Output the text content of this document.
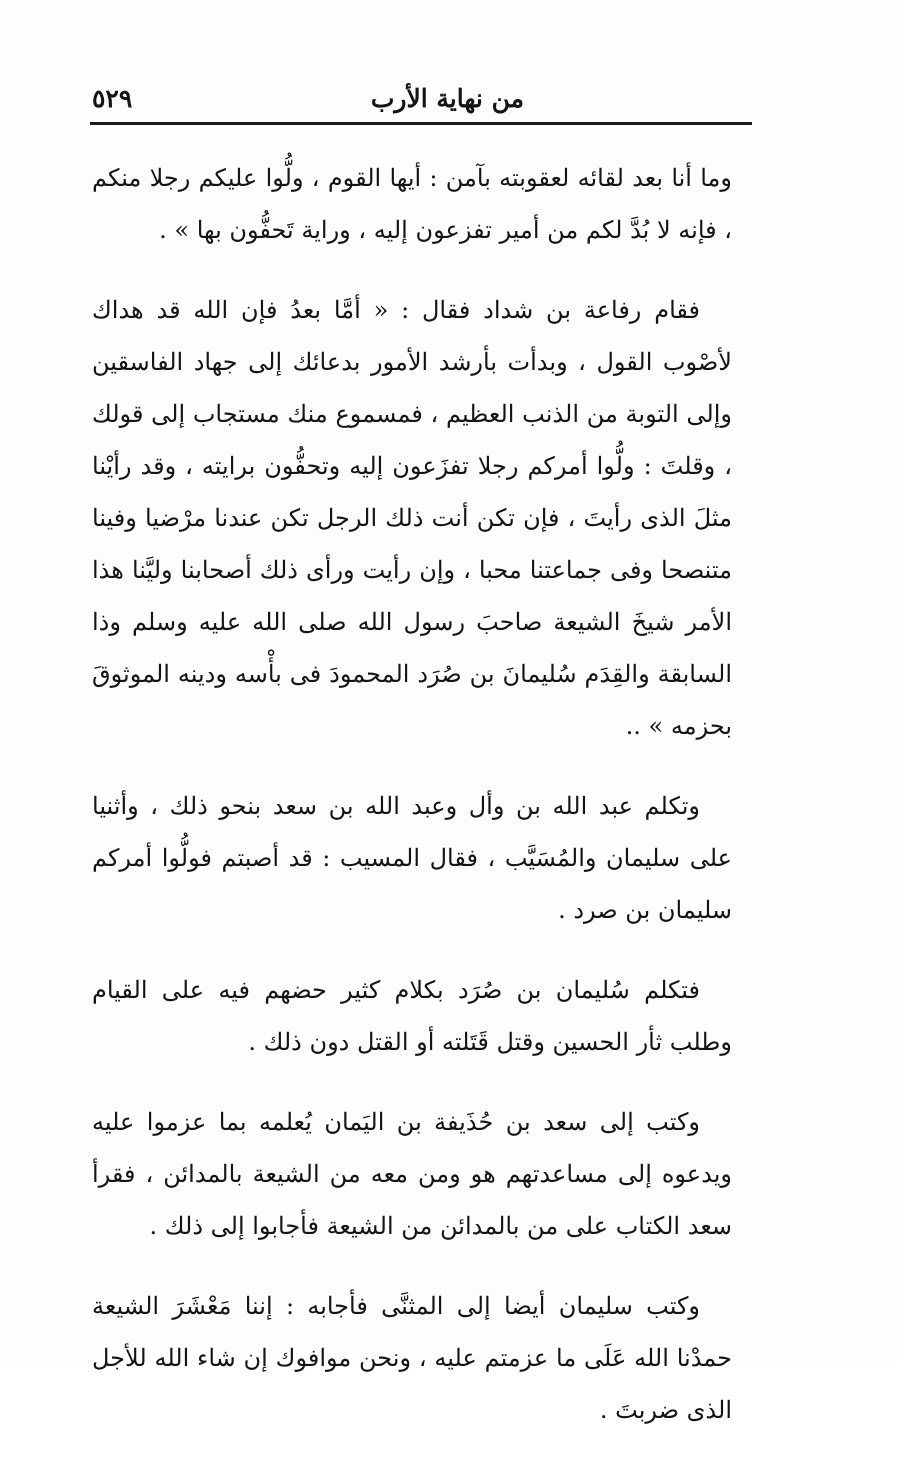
من نهاية الأرب
٥٢٩

وما أنا بعد لقائه لعقوبته بآمن : أيها القوم ، ولُّوا عليكم رجلا منكم ، فإنه لا بُدَّ لكم من أمير تفزعون إليه ، وراية تَحفُّون بها » .

فقام رفاعة بن شداد فقال : « أمَّا بعدُ فإن الله قد هداك لأصْوب القول ، وبدأت بأرشد الأمور بدعائك إلى جهاد الفاسقين وإلى التوبة من الذنب العظيم ، فمسموع منك مستجاب إلى قولك ، وقلتَ : ولُّوا أمركم رجلا تفزَعون إليه وتحفُّون برايته ، وقد رأيْنا مثلَ الذى رأيتَ ، فإن تكن أنت ذلك الرجل تكن عندنا مرْضيا وفينا متنصحا وفى جماعتنا محبا ، وإن رأيت ورأى ذلك أصحابنا وليَّنا هذا الأمر شيخَ الشيعة صاحبَ رسول الله صلى الله عليه وسلم وذا السابقة والقِدَم سُليمانَ بن صُرَد المحمودَ فى بأْسه ودينه الموثوقَ بحزمه » ..

وتكلم عبد الله بن وأل وعبد الله بن سعد بنحو ذلك ، وأثنيا على سليمان والمُسَيَّب ، فقال المسيب : قد أصبتم فولُّوا أمركم سليمان بن صرد .

فتكلم سُليمان بن صُرَد بكلام كثير حضهم فيه على القيام وطلب ثأر الحسين وقتل قَتَلته أو القتل دون ذلك .

وكتب إلى سعد بن حُذَيفة بن اليَمان يُعلمه بما عزموا عليه ويدعوه إلى مساعدتهم هو ومن معه من الشيعة بالمدائن ، فقرأ سعد الكتاب على من بالمدائن من الشيعة فأجابوا إلى ذلك .

وكتب سليمان أيضا إلى المثنَّى فأجابه : إننا مَعْشَرَ الشيعة حمدْنا الله عَلَى ما عزمتم عليه ، ونحن موافوك إن شاء الله للأجل الذى ضربتَ .
